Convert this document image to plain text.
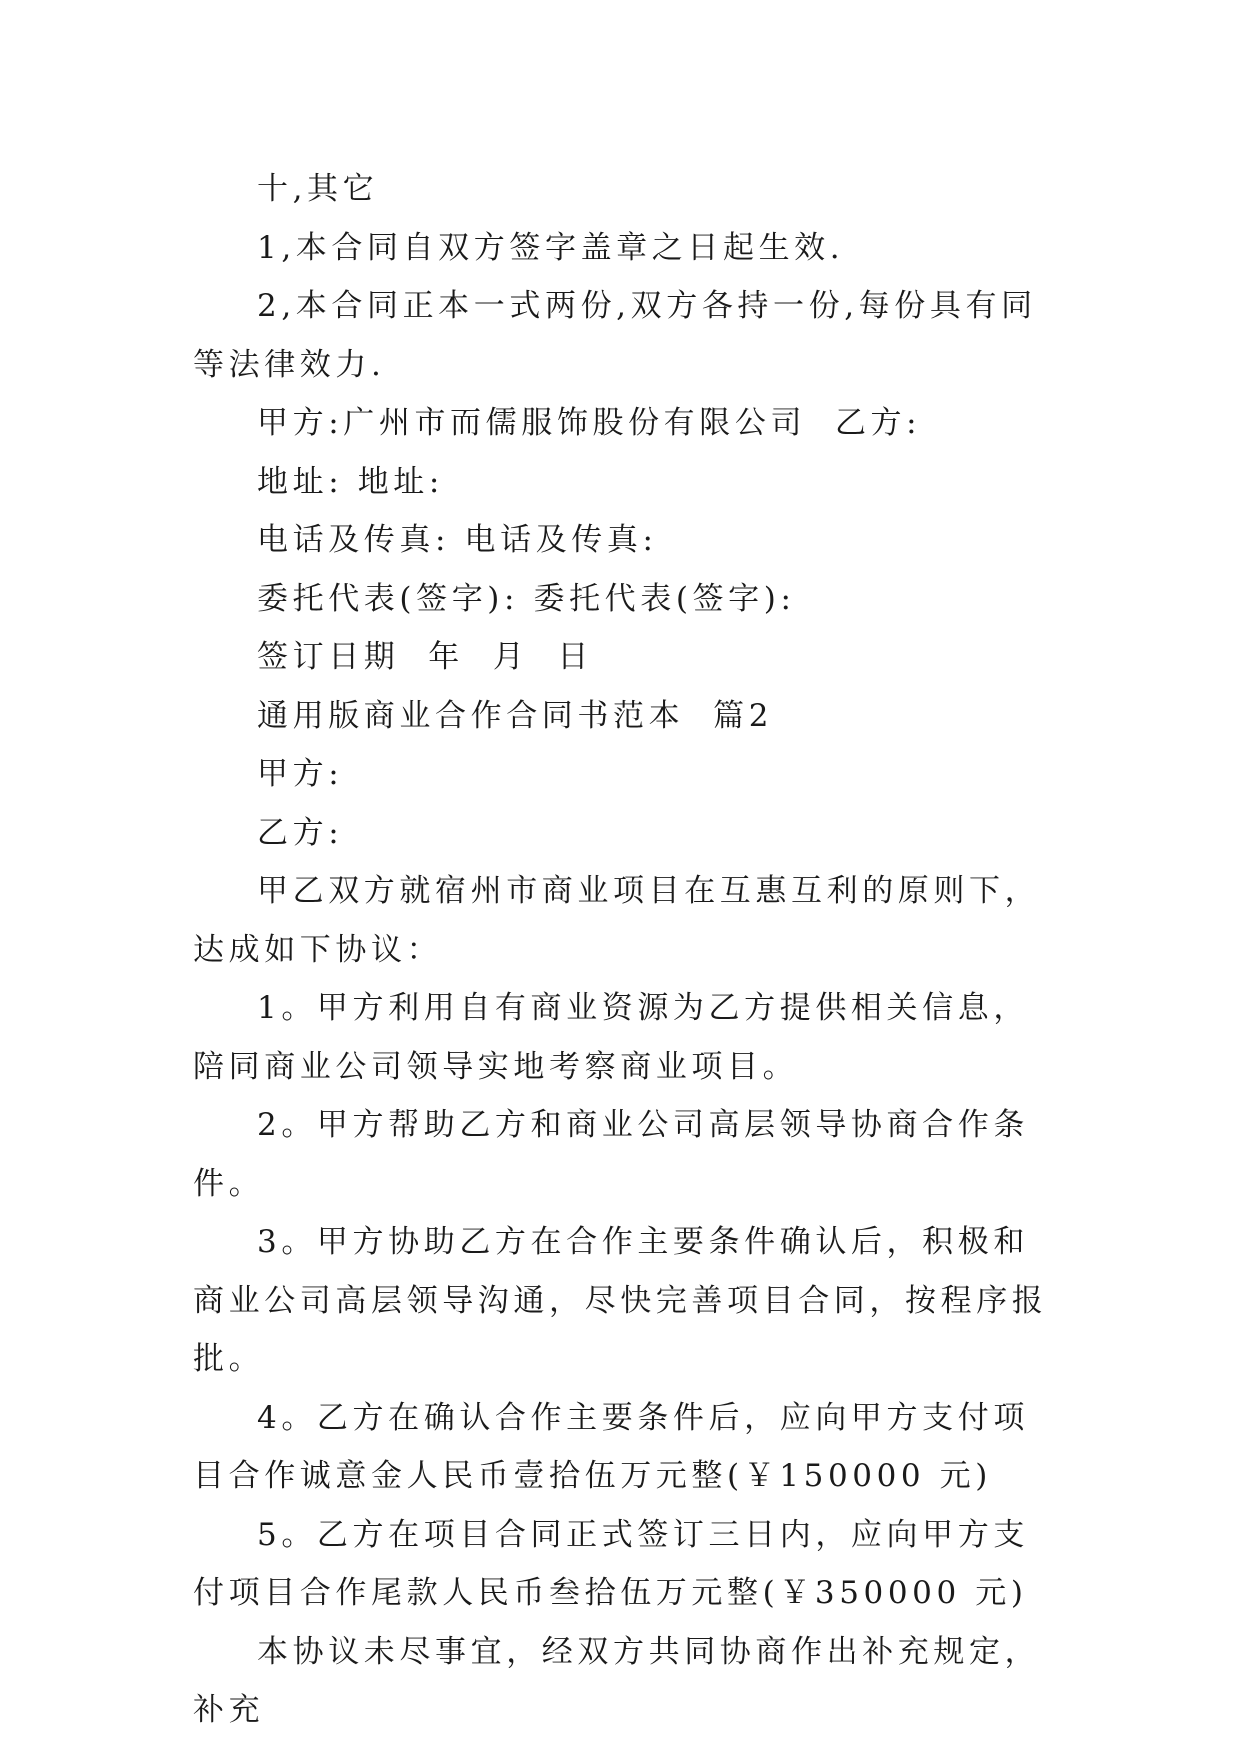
十,其它

1,本合同自双方签字盖章之日起生效.

2,本合同正本一式两份,双方各持一份,每份具有同等法律效力.

甲方:广州市而儒服饰股份有限公司  乙方:

地址: 地址:

电话及传真: 电话及传真:

委托代表(签字): 委托代表(签字):

签订日期  年  月  日

通用版商业合作合同书范本  篇2

甲方:

乙方:

甲乙双方就宿州市商业项目在互惠互利的原则下，达成如下协议：

1。甲方利用自有商业资源为乙方提供相关信息，陪同商业公司领导实地考察商业项目。

2。甲方帮助乙方和商业公司高层领导协商合作条件。

3。甲方协助乙方在合作主要条件确认后，积极和商业公司高层领导沟通，尽快完善项目合同，按程序报批。

4。乙方在确认合作主要条件后，应向甲方支付项目合作诚意金人民币壹拾伍万元整(￥150000 元)

5。乙方在项目合同正式签订三日内，应向甲方支付项目合作尾款人民币叁拾伍万元整(￥350000 元)

本协议未尽事宜，经双方共同协商作出补充规定，补充
